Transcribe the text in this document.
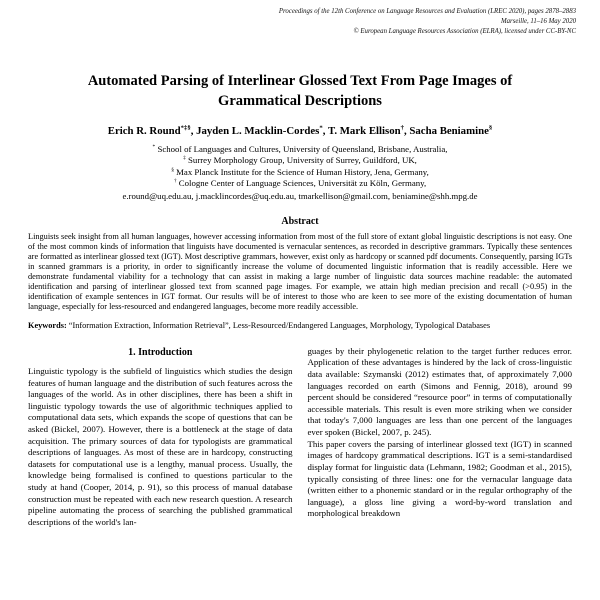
Proceedings of the 12th Conference on Language Resources and Evaluation (LREC 2020), pages 2878–2883
Marseille, 11–16 May 2020
© European Language Resources Association (ELRA), licensed under CC-BY-NC
Automated Parsing of Interlinear Glossed Text From Page Images of Grammatical Descriptions
Erich R. Round*‡§, Jayden L. Macklin-Cordes*, T. Mark Ellison†, Sacha Beniamine§
* School of Languages and Cultures, University of Queensland, Brisbane, Australia,
‡ Surrey Morphology Group, University of Surrey, Guildford, UK,
§ Max Planck Institute for the Science of Human History, Jena, Germany,
† Cologne Center of Language Sciences, Universität zu Köln, Germany,
e.round@uq.edu.au, j.macklincordes@uq.edu.au, tmarkellison@gmail.com, beniamine@shh.mpg.de
Abstract

Linguists seek insight from all human languages, however accessing information from most of the full store of extant global linguistic descriptions is not easy. One of the most common kinds of information that linguists have documented is vernacular sentences, as recorded in descriptive grammars. Typically these sentences are formatted as interlinear glossed text (IGT). Most descriptive grammars, however, exist only as hardcopy or scanned pdf documents. Consequently, parsing IGTs in scanned grammars is a priority, in order to significantly increase the volume of documented linguistic information that is readily accessible. Here we demonstrate fundamental viability for a technology that can assist in making a large number of linguistic data sources machine readable: the automated identification and parsing of interlinear glossed text from scanned page images. For example, we attain high median precision and recall (>0.95) in the identification of example sentences in IGT format. Our results will be of interest to those who are keen to see more of the existing documentation of human language, especially for less-resourced and endangered languages, become more readily accessible.

Keywords: “Information Extraction, Information Retrieval”, Less-Resourced/Endangered Languages, Morphology, Typological Databases

1. Introduction

Linguistic typology is the subfield of linguistics which studies the design features of human language and the distribution of such features across the languages of the world. As in other disciplines, there has been a shift in linguistic typology towards the use of algorithmic techniques applied to computational data sets, which expands the scope of questions that can be asked (Bickel, 2007). However, there is a bottleneck at the stage of data acquisition. The primary sources of data for typologists are grammatical descriptions of languages. As most of these are in hardcopy, constructing datasets for computational use is a lengthy, manual process. Usually, the knowledge being formalised is confined to questions particular to the study at hand (Cooper, 2014, p. 91), so this process of manual database construction must be repeated with each new research question. A research pipeline automating the process of searching the published grammatical descriptions of the world's lan-

guages by their phylogenetic relation to the target further reduces error. Application of these advantages is hindered by the lack of cross-linguistic data available: Szymanski (2012) estimates that, of approximately 7,000 languages recorded on earth (Simons and Fennig, 2018), around 99 percent should be considered “resource poor” in terms of computationally accessible materials. This result is even more striking when we consider that today's 7,000 languages are less than one percent of the languages ever spoken (Bickel, 2007, p. 245).

This paper covers the parsing of interlinear glossed text (IGT) in scanned images of hardcopy grammatical descriptions. IGT is a semi-standardised display format for linguistic data (Lehmann, 1982; Goodman et al., 2015), typically consisting of three lines: one for the vernacular language data (written either to a phonemic standard or in the regular orthography of the language), a gloss line giving a word-by-word translation and morphological breakdown
